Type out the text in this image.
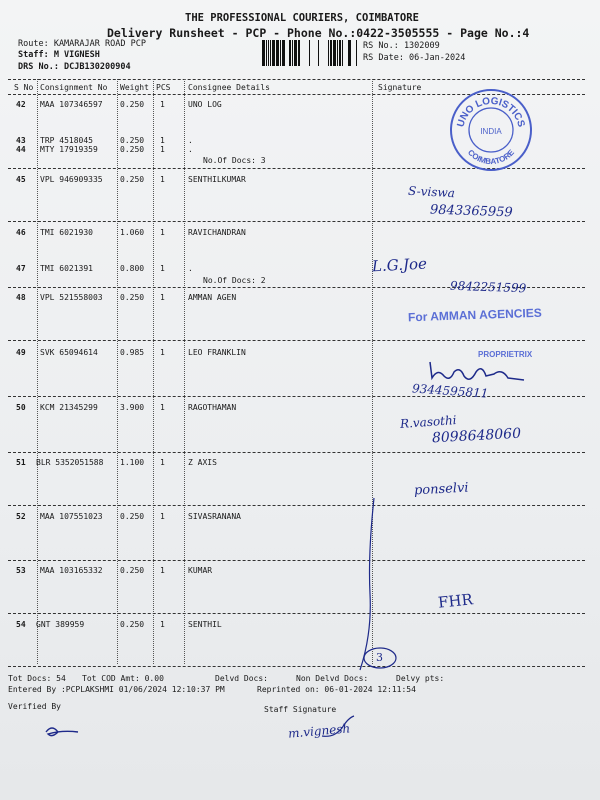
THE PROFESSIONAL COURIERS, COIMBATORE
Delivery Runsheet - PCP - Phone No.:0422-3505555 - Page No.:4
Route: KAMARAJAR ROAD PCP
Staff: M VIGNESH
DRS No.: DCJB130200904
RS No.: 1302009
RS Date: 06-Jan-2024
S No Consignment No Weight PCS Consignee Details	Signature
42 MAA 107346597 0.250 1	UNO LOG
43 TRP 4518045	0.250 1	.
44 MTY 17919359	0.250 1	.
No.Of Docs: 3
45 VPL 946909335 0.250 1	SENTHILKUMAR
46 TMI 6021930	1.060 1	RAVICHANDRAN
47 TMI 6021391	0.800 1	.
No.Of Docs: 2
48 VPL 521558003 0.250 1	AMMAN AGEN
49 SVK 65094614	0.985 1	LEO FRANKLIN
50 KCM 21345299	3.900 1	RAGOTHAMAN
51 BLR 5352051588 1.100 1	Z AXIS
52 MAA 107551023 0.250 1	SIVASRANANA
53 MAA 103165332 0.250 1	KUMAR
54 GNT 389959	0.250 1	SENTHIL
UNO LOGISTICS
INDIA
COIMBATORE
S-viswa
9843365959
L.G.Joe
9842251599
For AMMAN AGENCIES
PROPRIETRIX
9344595811
R.vasothi
8098648060
ponselvi
FHR
3
Tot Docs: 54 Tot COD Amt: 0.00	Delvd Docs:	Non Delvd Docs:	Delvy pts:
Entered By :PCPLAKSHMI 01/06/2024 12:10:37 PM	Reprinted on: 06-01-2024 12:11:54
Verified By	Staff Signature
m.vignesh
